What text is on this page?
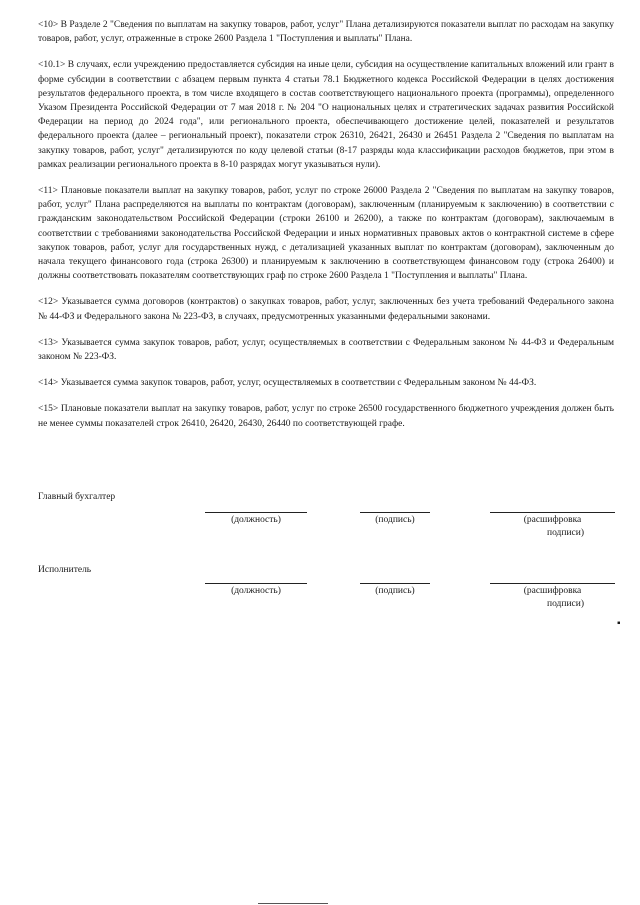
<10> В Разделе 2 "Сведения по выплатам на закупку товаров, работ, услуг" Плана детализируются показатели выплат по расходам на закупку товаров, работ, услуг, отраженные в строке 2600 Раздела 1 "Поступления и выплаты" Плана.

<10.1> В случаях, если учреждению предоставляется субсидия на иные цели, субсидия на осуществление капитальных вложений или грант в форме субсидии в соответствии с абзацем первым пункта 4 статьи 78.1 Бюджетного кодекса Российской Федерации в целях достижения результатов федерального проекта, в том числе входящего в состав соответствующего национального проекта (программы), определенного Указом Президента Российской Федерации от 7 мая 2018 г. № 204 "О национальных целях и стратегических задачах развития Российской Федерации на период до 2024 года", или регионального проекта, обеспечивающего достижение целей, показателей и результатов федерального проекта (далее – региональный проект), показатели строк 26310, 26421, 26430 и 26451 Раздела 2 "Сведения по выплатам на закупку товаров, работ, услуг" детализируются по коду целевой статьи (8-17 разряды кода классификации расходов бюджетов, при этом в рамках реализации регионального проекта в 8-10 разрядах могут указываться нули).

<11> Плановые показатели выплат на закупку товаров, работ, услуг по строке 26000 Раздела 2 "Сведения по выплатам на закупку товаров, работ, услуг" Плана распределяются на выплаты по контрактам (договорам), заключенным (планируемым к заключению) в соответствии с гражданским законодательством Российской Федерации (строки 26100 и 26200), а также по контрактам (договорам), заключаемым в соответствии с требованиями законодательства Российской Федерации и иных нормативных правовых актов о контрактной системе в сфере закупок товаров, работ, услуг для государственных нужд, с детализацией указанных выплат по контрактам (договорам), заключенным до начала текущего финансового года (строка 26300) и планируемым к заключению в соответствующем финансовом году (строка 26400) и должны соответствовать показателям соответствующих граф по строке 2600 Раздела 1 "Поступления и выплаты" Плана.

<12> Указывается сумма договоров (контрактов) о закупках товаров, работ, услуг, заключенных без учета требований Федерального закона № 44-ФЗ и Федерального закона № 223-ФЗ, в случаях, предусмотренных указанными федеральными законами.

<13> Указывается сумма закупок товаров, работ, услуг, осуществляемых в соответствии с Федеральным законом № 44-ФЗ и Федеральным законом № 223-ФЗ.

<14> Указывается сумма закупок товаров, работ, услуг, осуществляемых в соответствии с Федеральным законом № 44-ФЗ.

<15> Плановые показатели выплат на закупку товаров, работ, услуг по строке 26500 государственного бюджетного учреждения должен быть не менее суммы показателей строк 26410, 26420, 26430, 26440 по соответствующей графе.

Главный бухгалтер
(должность)	(подпись)	(расшифровка
подписи)
Исполнитель
(должность)	(подпись)	(расшифровка
подписи)
▪
